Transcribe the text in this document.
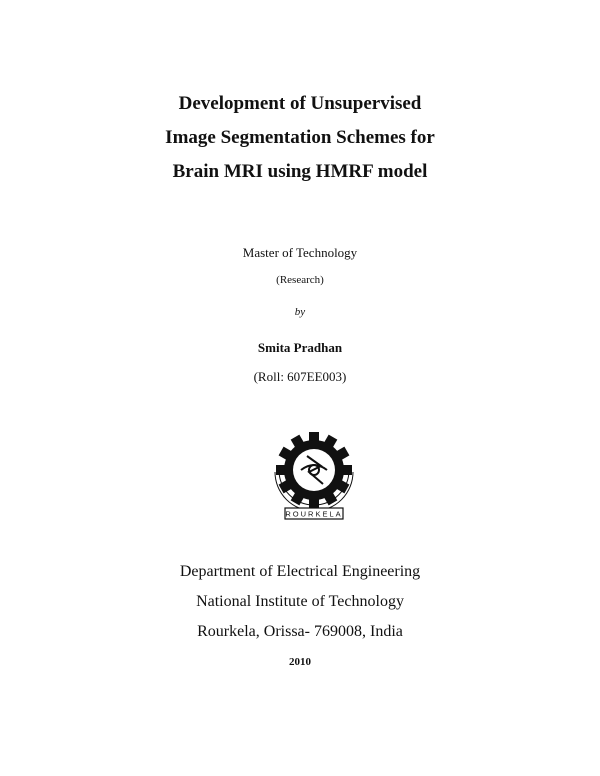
Development of Unsupervised
Image Segmentation Schemes for
Brain MRI using HMRF model
Master of Technology
(Research)
by
Smita Pradhan
(Roll: 607EE003)
ROURKELA
Department of Electrical Engineering
National Institute of Technology
Rourkela, Orissa- 769008, India
2010
